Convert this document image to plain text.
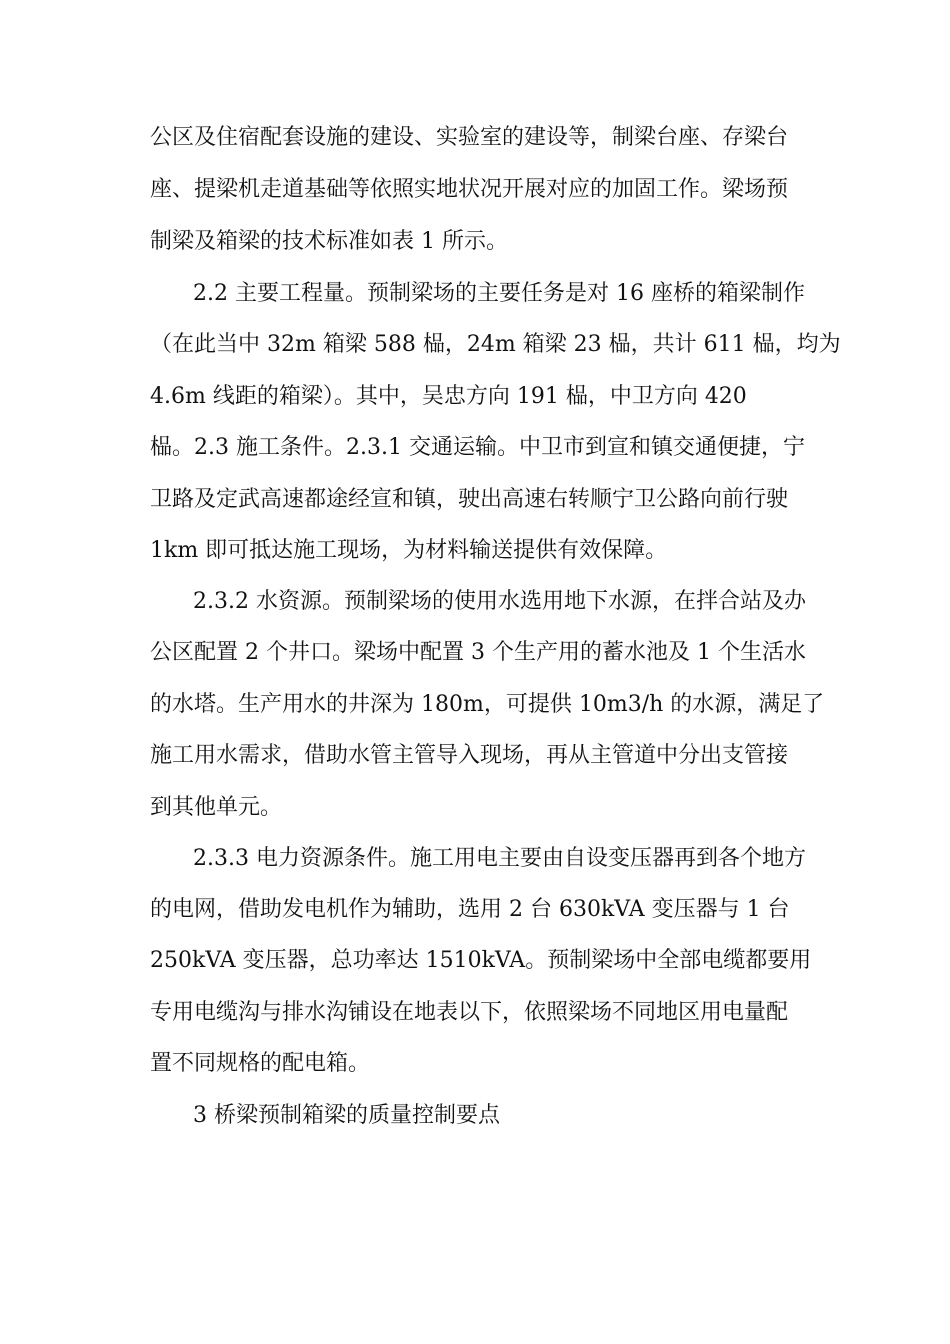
公区及住宿配套设施的建设、实验室的建设等，制梁台座、存梁台
座、提梁机走道基础等依照实地状况开展对应的加固工作。梁场预
制梁及箱梁的技术标准如表 1 所示。
2.2 主要工程量。预制梁场的主要任务是对 16 座桥的箱梁制作
（在此当中 32m 箱梁 588 榀，24m 箱梁 23 榀，共计 611 榀，均为
4.6m 线距的箱梁）。其中，吴忠方向 191 榀，中卫方向 420
榀。2.3 施工条件。2.3.1 交通运输。中卫市到宣和镇交通便捷，宁
卫路及定武高速都途经宣和镇，驶出高速右转顺宁卫公路向前行驶
1km 即可抵达施工现场，为材料输送提供有效保障。
2.3.2 水资源。预制梁场的使用水选用地下水源，在拌合站及办
公区配置 2 个井口。梁场中配置 3 个生产用的蓄水池及 1 个生活水
的水塔。生产用水的井深为 180m，可提供 10m3/h 的水源，满足了
施工用水需求，借助水管主管导入现场，再从主管道中分出支管接
到其他单元。
2.3.3 电力资源条件。施工用电主要由自设变压器再到各个地方
的电网，借助发电机作为辅助，选用 2 台 630kVA 变压器与 1 台
250kVA 变压器，总功率达 1510kVA。预制梁场中全部电缆都要用
专用电缆沟与排水沟铺设在地表以下，依照梁场不同地区用电量配
置不同规格的配电箱。
3 桥梁预制箱梁的质量控制要点
